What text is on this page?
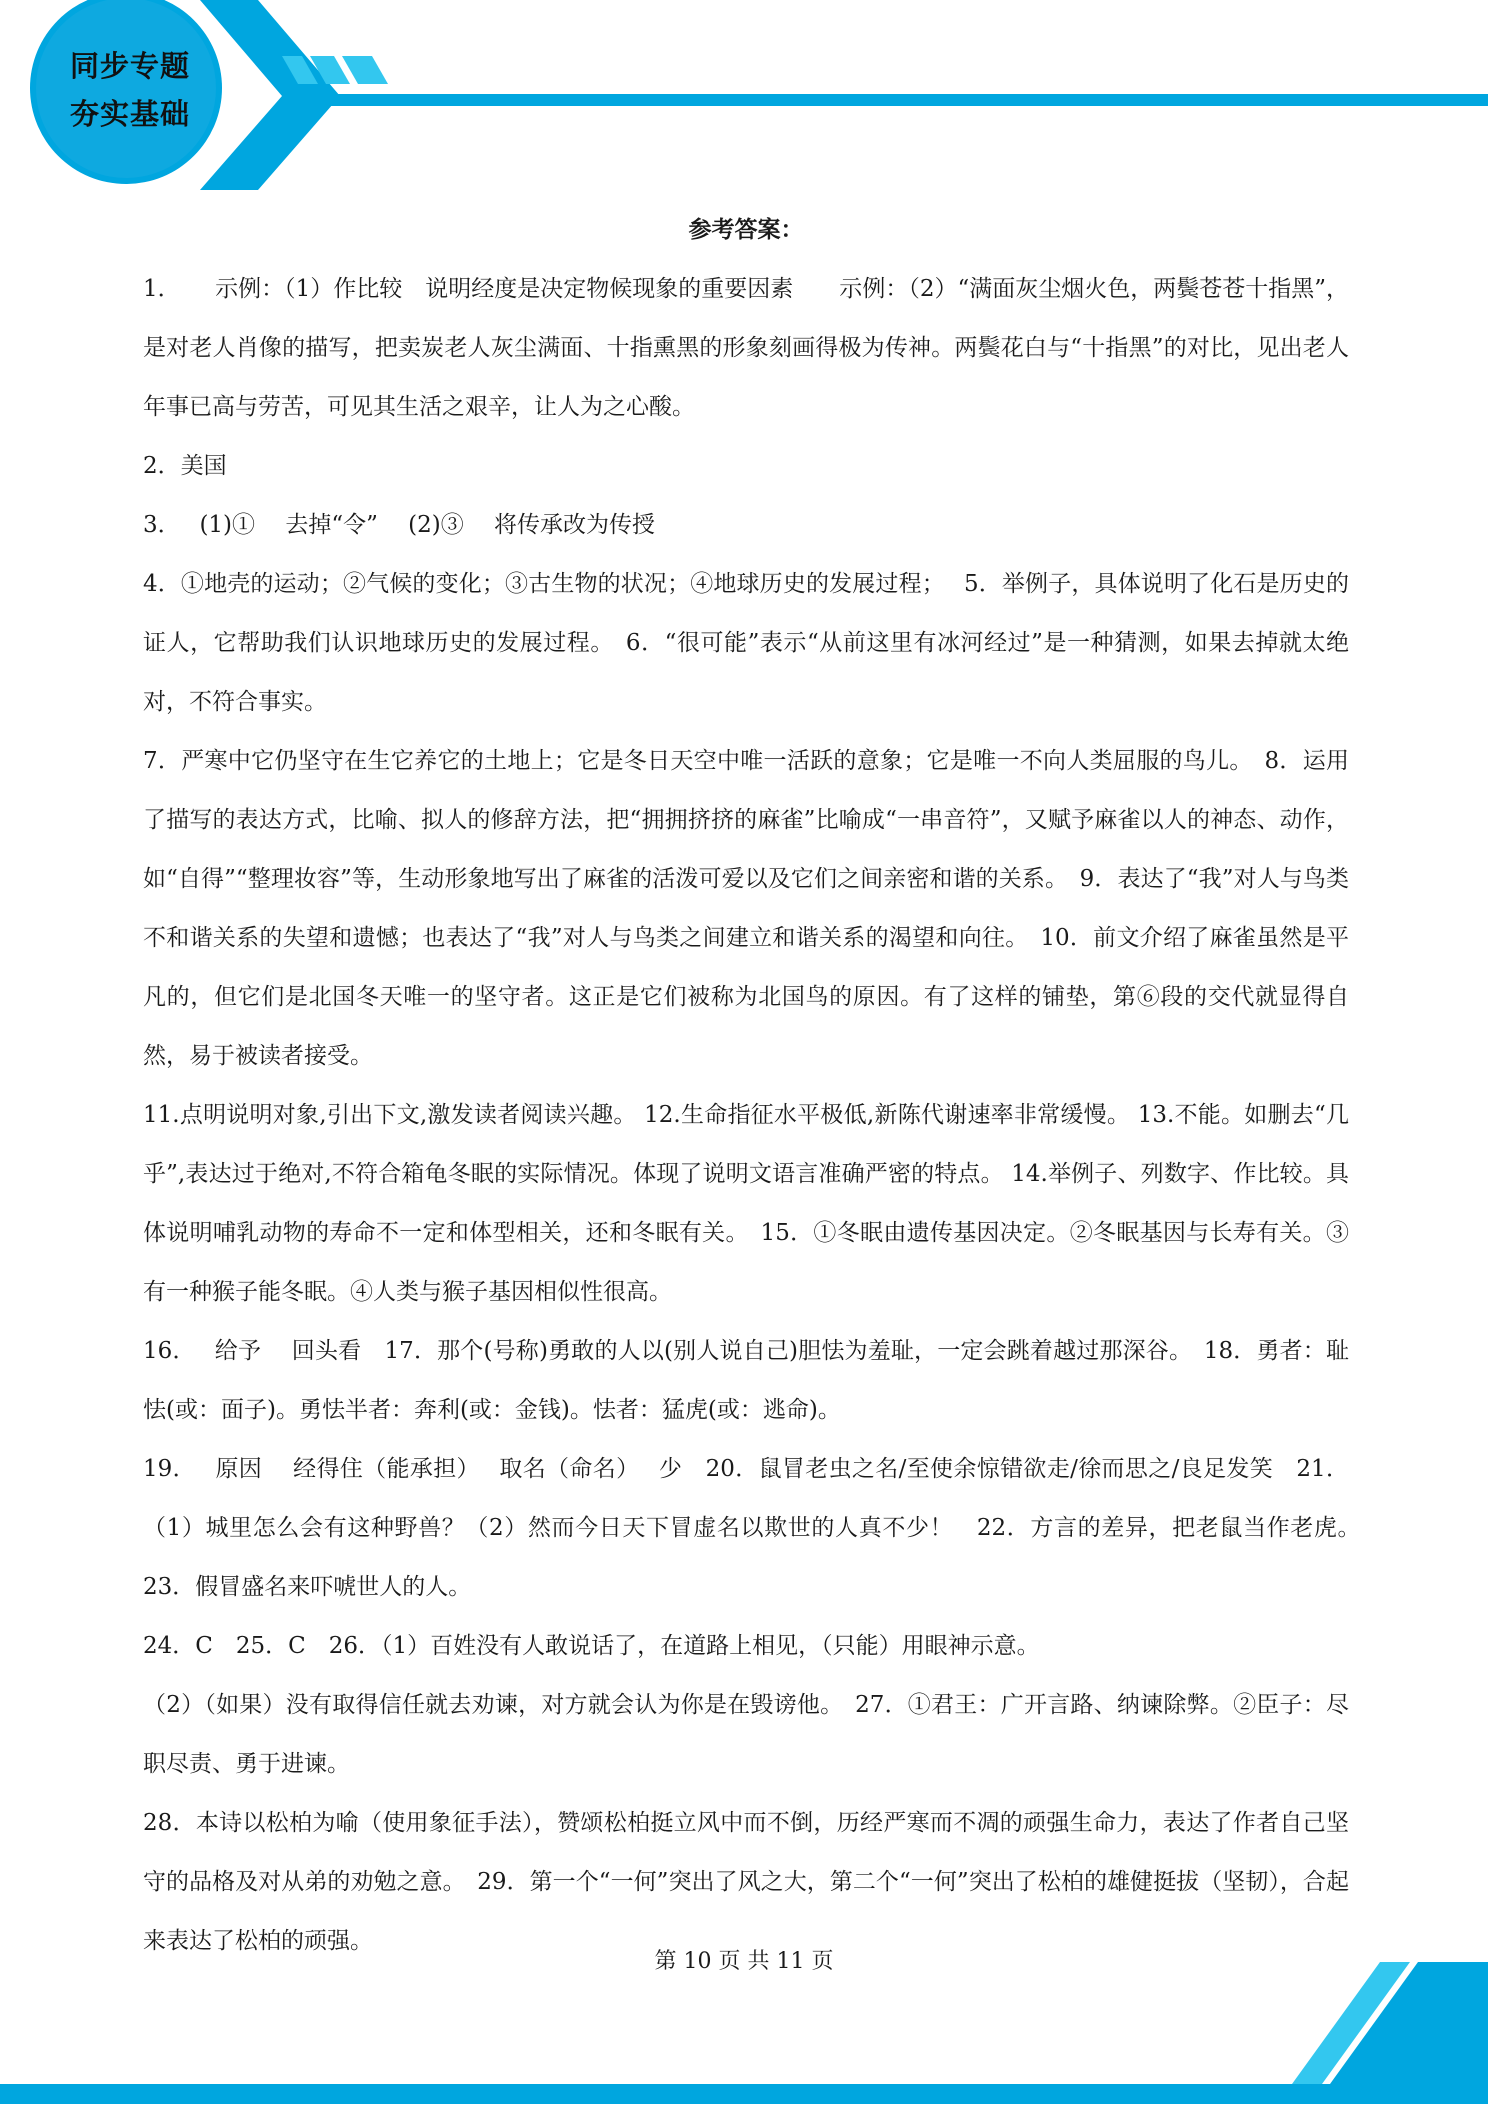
同步专题
夯实基础
参考答案：

1．　　示例：（1）作比较　说明经度是决定物候现象的重要因素　　示例：（2）“满面灰尘烟火色，两鬓苍苍十指黑”，是对老人肖像的描写，把卖炭老人灰尘满面、十指熏黑的形象刻画得极为传神。两鬓花白与“十指黑”的对比，见出老人年事已高与劳苦，可见其生活之艰辛，让人为之心酸。

2．美国

3．　 (1)①　 去掉“令”　 (2)③　 将传承改为传授

4．①地壳的运动；②气候的变化；③古生物的状况；④地球历史的发展过程；　 5．举例子，具体说明了化石是历史的证人，它帮助我们认识地球历史的发展过程。　6．“很可能”表示“从前这里有冰河经过”是一种猜测，如果去掉就太绝对，不符合事实。

7．严寒中它仍坚守在生它养它的土地上；它是冬日天空中唯一活跃的意象；它是唯一不向人类屈服的鸟儿。　8．运用了描写的表达方式，比喻、拟人的修辞方法，把“拥拥挤挤的麻雀”比喻成“一串音符”，又赋予麻雀以人的神态、动作，如“自得”“整理妆容”等，生动形象地写出了麻雀的活泼可爱以及它们之间亲密和谐的关系。　9．表达了“我”对人与鸟类不和谐关系的失望和遗憾；也表达了“我”对人与鸟类之间建立和谐关系的渴望和向往。　10．前文介绍了麻雀虽然是平凡的，但它们是北国冬天唯一的坚守者。这正是它们被称为北国鸟的原因。有了这样的铺垫，第⑥段的交代就显得自然，易于被读者接受。

11.点明说明对象,引出下文,激发读者阅读兴趣。 12.生命指征水平极低,新陈代谢速率非常缓慢。 13.不能。如删去“几乎”,表达过于绝对,不符合箱龟冬眠的实际情况。体现了说明文语言准确严密的特点。 14.举例子、列数字、作比较。具体说明哺乳动物的寿命不一定和体型相关，还和冬眠有关。　15．①冬眠由遗传基因决定。②冬眠基因与长寿有关。③有一种猴子能冬眠。④人类与猴子基因相似性很高。

16．　 给予　 回头看　17．那个(号称)勇敢的人以(别人说自己)胆怯为羞耻，一定会跳着越过那深谷。　18．勇者：耻怯(或：面子)。勇怯半者：奔利(或：金钱)。怯者：猛虎(或：逃命)。

19．　 原因　 经得住（能承担）　 取名（命名）　 少　20．鼠冒老虫之名/至使余惊错欲走/徐而思之/良足发笑　21．（1）城里怎么会有这种野兽？（2）然而今日天下冒虚名以欺世的人真不少！　22．方言的差异，把老鼠当作老虎。　23．假冒盛名来吓唬世人的人。

24．C　25．C　26．（1）百姓没有人敢说话了，在道路上相见，（只能）用眼神示意。

（2）（如果）没有取得信任就去劝谏，对方就会认为你是在毁谤他。　27．①君王：广开言路、纳谏除弊。②臣子：尽职尽责、勇于进谏。

28．本诗以松柏为喻（使用象征手法），赞颂松柏挺立风中而不倒，历经严寒而不凋的顽强生命力，表达了作者自己坚守的品格及对从弟的劝勉之意。　29．第一个“一何”突出了风之大，第二个“一何”突出了松柏的雄健挺拔（坚韧），合起来表达了松柏的顽强。

第 10 页 共 11 页
